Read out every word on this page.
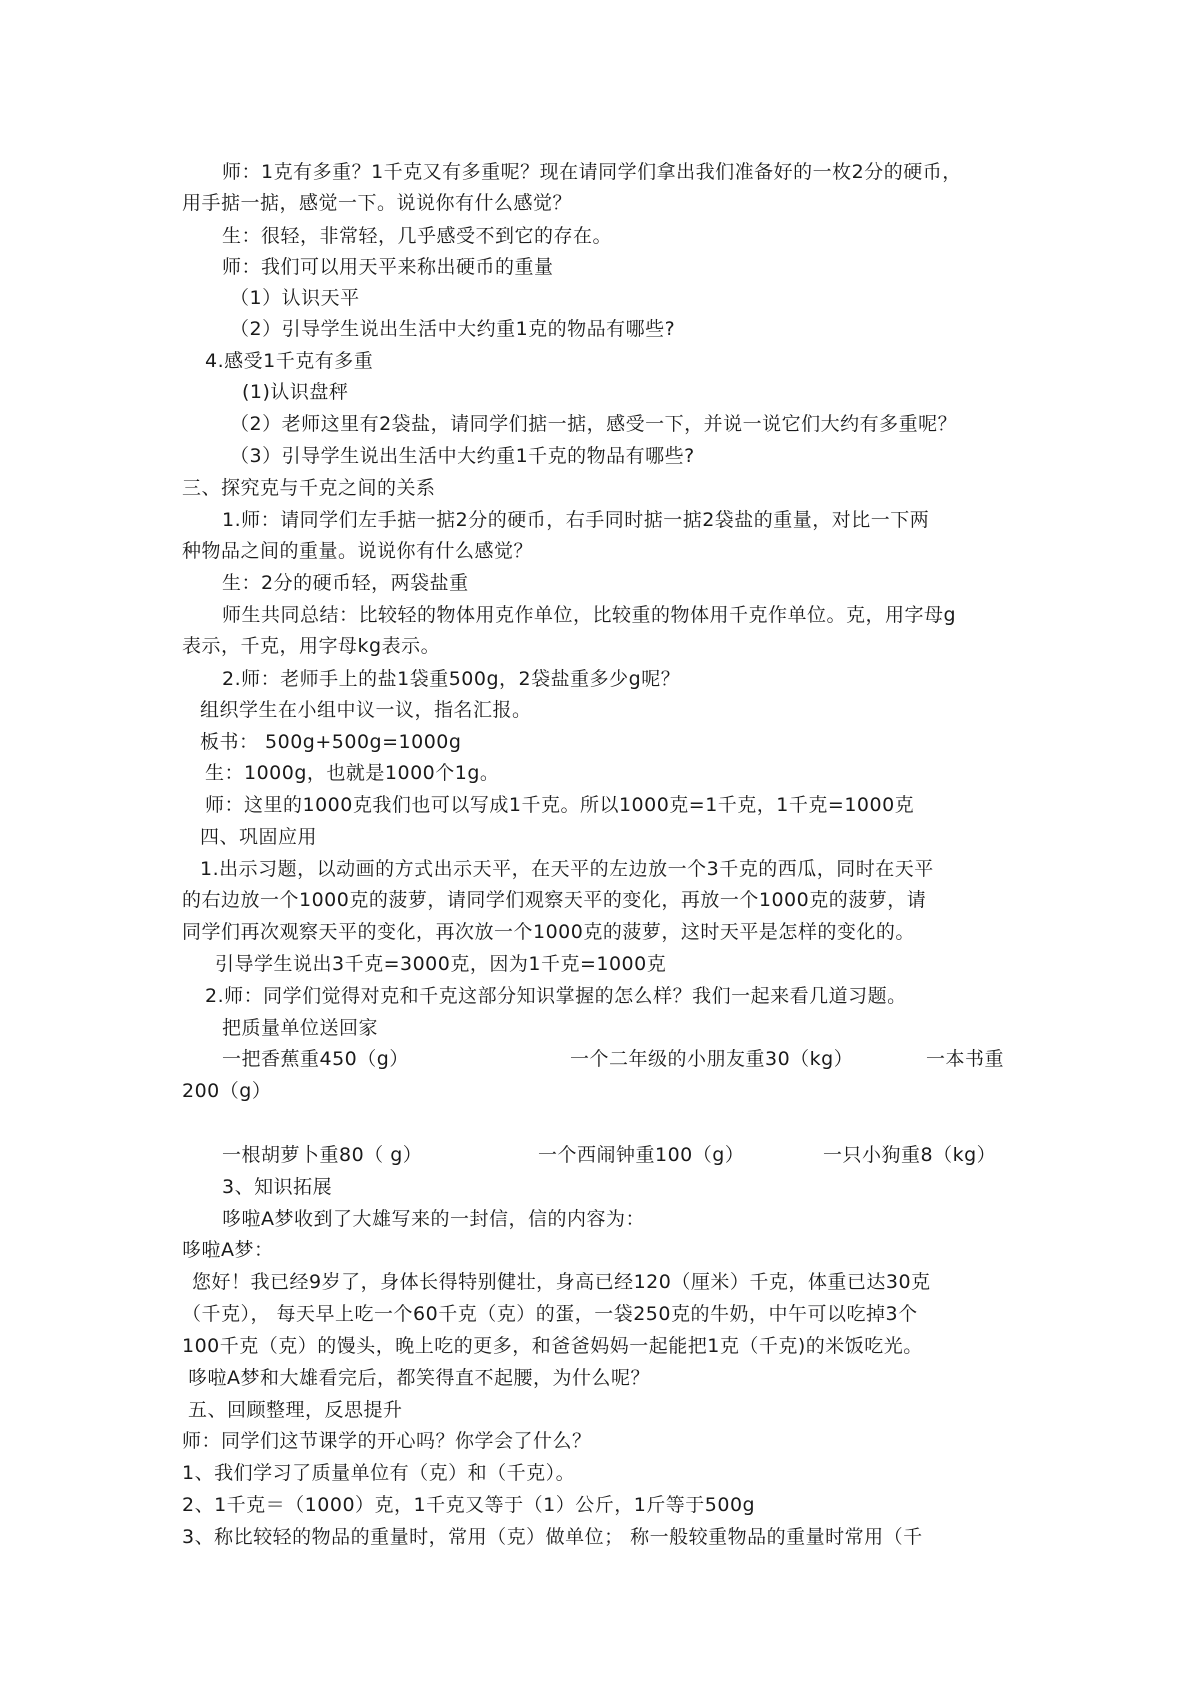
师：1克有多重？1千克又有多重呢？现在请同学们拿出我们准备好的一枚2分的硬币，
用手掂一掂，感觉一下。说说你有什么感觉？
生：很轻，非常轻，几乎感受不到它的存在。
师：我们可以用天平来称出硬币的重量
（1）认识天平
（2）引导学生说出生活中大约重1克的物品有哪些?
4.感受1千克有多重
(1)认识盘秤
（2）老师这里有2袋盐，请同学们掂一掂，感受一下，并说一说它们大约有多重呢？
（3）引导学生说出生活中大约重1千克的物品有哪些?
三、探究克与千克之间的关系
1.师：请同学们左手掂一掂2分的硬币，右手同时掂一掂2袋盐的重量，对比一下两
种物品之间的重量。说说你有什么感觉？
生：2分的硬币轻，两袋盐重
师生共同总结：比较轻的物体用克作单位，比较重的物体用千克作单位。克，用字母g
表示，千克，用字母kg表示。
2.师：老师手上的盐1袋重500g，2袋盐重多少g呢？
组织学生在小组中议一议，指名汇报。
板书： 500g+500g=1000g
生：1000g，也就是1000个1g。
师：这里的1000克我们也可以写成1千克。所以1000克=1千克，1千克=1000克
四、巩固应用
1.出示习题，以动画的方式出示天平，在天平的左边放一个3千克的西瓜，同时在天平
的右边放一个1000克的菠萝，请同学们观察天平的变化，再放一个1000克的菠萝，请
同学们再次观察天平的变化，再次放一个1000克的菠萝，这时天平是怎样的变化的。
引导学生说出3千克=3000克，因为1千克=1000克
2.师：同学们觉得对克和千克这部分知识掌握的怎么样？我们一起来看几道习题。
把质量单位送回家
一把香蕉重450（g）	一个二年级的小朋友重30（kg）	一本书重
200（g）
一根胡萝卜重80（ g）	一个西闹钟重100（g）	一只小狗重8（kg）
3、知识拓展
哆啦A梦收到了大雄写来的一封信，信的内容为：
哆啦A梦：
您好！我已经9岁了，身体长得特别健壮，身高已经120（厘米）千克，体重已达30克
（千克）， 每天早上吃一个60千克（克）的蛋，一袋250克的牛奶，中午可以吃掉3个
100千克（克）的馒头，晚上吃的更多，和爸爸妈妈一起能把1克（千克)的米饭吃光。
哆啦A梦和大雄看完后，都笑得直不起腰，为什么呢？
五、回顾整理，反思提升
师：同学们这节课学的开心吗？你学会了什么？
1、我们学习了质量单位有（克）和（千克）。
2、1千克＝（1000）克，1千克又等于（1）公斤，1斤等于500g
3、称比较轻的物品的重量时，常用（克）做单位； 称一般较重物品的重量时常用（千
